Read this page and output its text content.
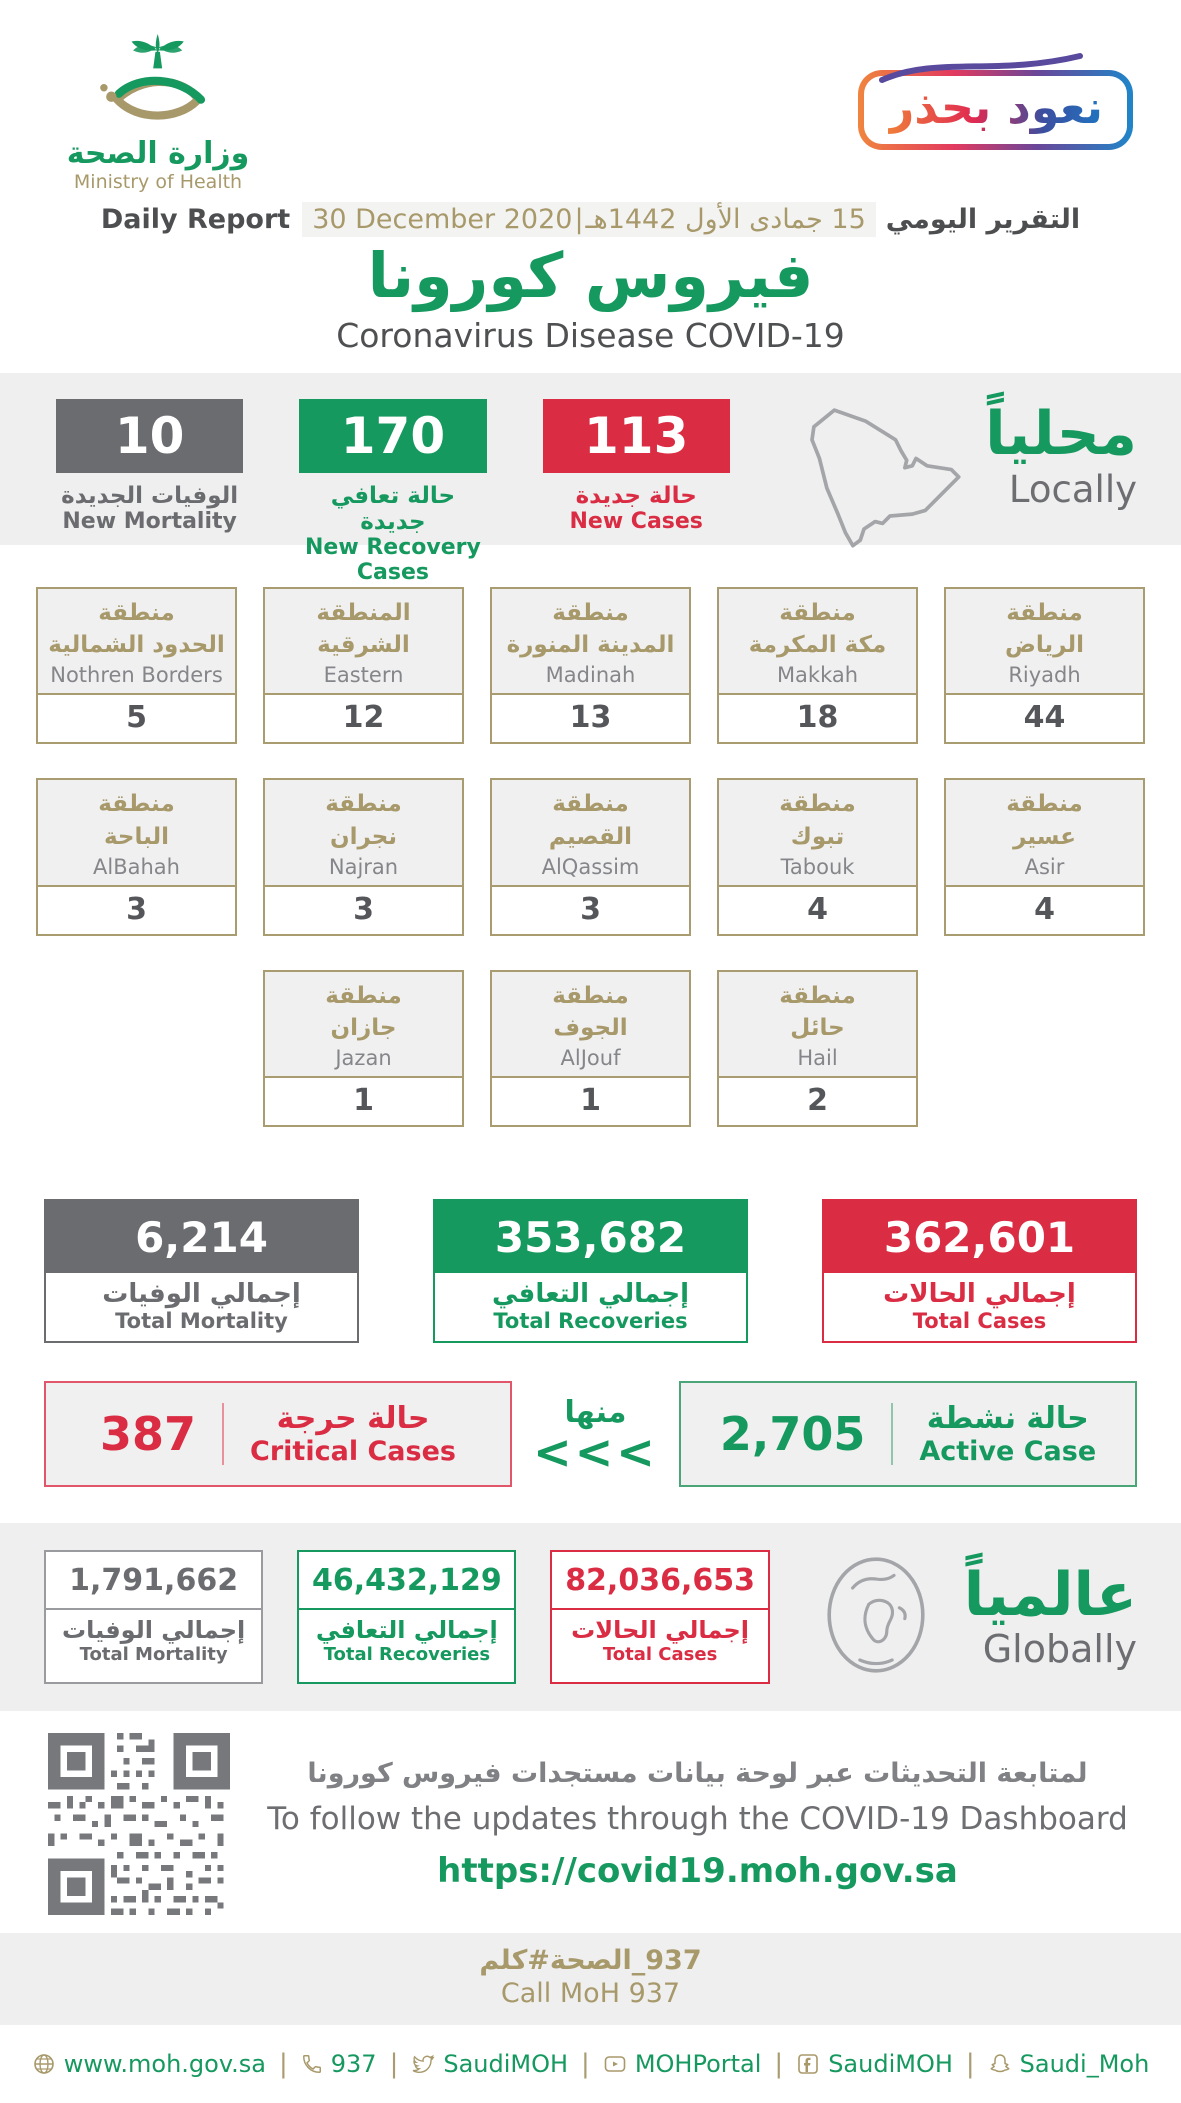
وزارة الصحة
Ministry of Health
نعود بحذر
Daily Report 30 December 2020 | 15 جمادى الأول 1442هـ التقرير اليومي
فيروس كورونا
Coronavirus Disease COVID-19
10
الوفيات الجديدة
New Mortality
170
حالة تعافي جديدة
New Recovery Cases
113
حالة جديدة
New Cases
محلياً
Locally
منطقة
الحدود الشمالية
Nothren Borders
5
المنطقة
الشرقية
Eastern
12
منطقة
المدينة المنورة
Madinah
13
منطقة
مكة المكرمة
Makkah
18
منطقة
الرياض
Riyadh
44
منطقة
الباحة
AlBahah
3
منطقة
نجران
Najran
3
منطقة
القصيم
AlQassim
3
منطقة
تبوك
Tabouk
4
منطقة
عسير
Asir
4
منطقة
جازان
Jazan
1
منطقة
الجوف
AlJouf
1
منطقة
حائل
Hail
2
6,214
إجمالي الوفيات
Total Mortality
353,682
إجمالي التعافي
Total Recoveries
362,601
إجمالي الحالات
Total Cases
387	حالة حرجة
Critical Cases
منها
<<<	2,705 حالة نشطة
Active Case
1,791,662
إجمالي الوفيات
Total Mortality
46,432,129
إجمالي التعافي
Total Recoveries
82,036,653
إجمالي الحالات
Total Cases
عالمياً
Globally
لمتابعة التحديثات عبر لوحة بيانات مستجدات فيروس كورونا
To follow the updates through the COVID-19 Dashboard
https://covid19.moh.gov.sa
كلم # الصحة _937
Call MoH 937
www.moh.gov.sa | 937 | SaudiMOH | MOHPortal | SaudiMOH | Saudi_Moh
